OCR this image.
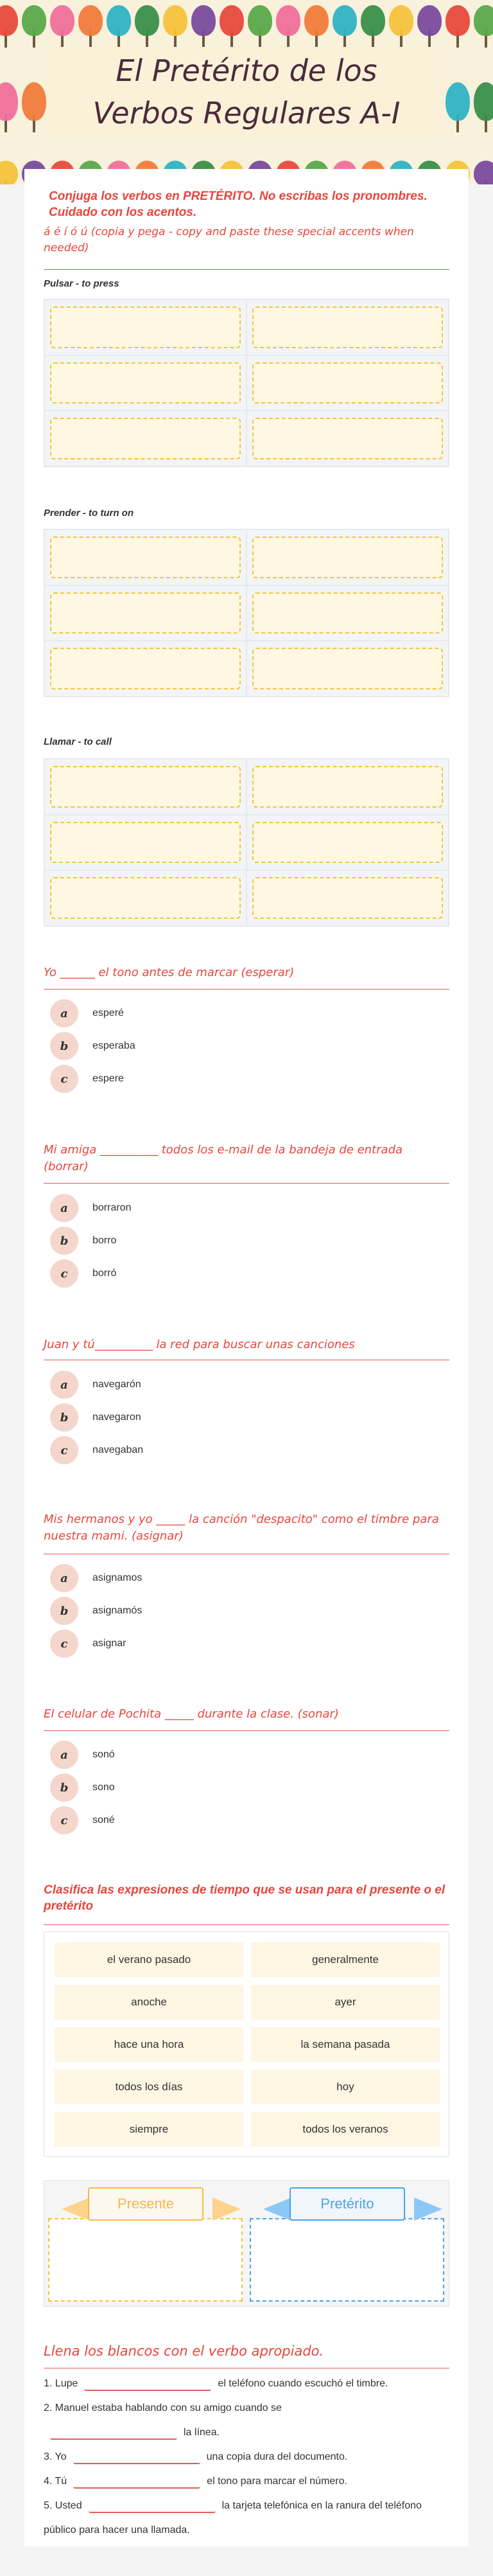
El Pretérito de los
Verbos Regulares A-I
Conjuga los verbos en PRETÉRITO. No escribas los pronombres. Cuidado con los acentos.
á é í ó ú (copia y pega - copy and paste these special accents when needed)
Pulsar - to press
Prender - to turn on
Llamar - to call
Yo ______ el tono antes de marcar (esperar)
a	esperé
b	esperaba
c	espere
Mi amiga __________ todos los e-mail de la bandeja de entrada (borrar)
a	borraron
b	borro
c	borró
Juan y tú__________ la red para buscar unas canciones
a	navegarón
b	navegaron
c	navegaban
Mis hermanos y yo _____ la canción "despacito" como el timbre para nuestra mami. (asignar)
a	asignamos
b	asignamós
c	asignar
El celular de Pochita _____ durante la clase. (sonar)
a	sonó
b	sono
c	soné
Clasifica las expresiones de tiempo que se usan para el presente o el pretérito
el verano pasado	generalmente
anoche	ayer
hace una hora	la semana pasada
todos los días	hoy
siempre	todos los veranos
Presente	Pretérito
Llena los blancos con el verbo apropiado.
1. Lupe	el teléfono cuando escuchó el timbre.
2. Manuel estaba hablando con su amigo cuando se
la línea.
3. Yo	una copia dura del documento.
4. Tú	el tono para marcar el número.
5. Usted	la tarjeta telefónica en la ranura del teléfono público para hacer una llamada.
